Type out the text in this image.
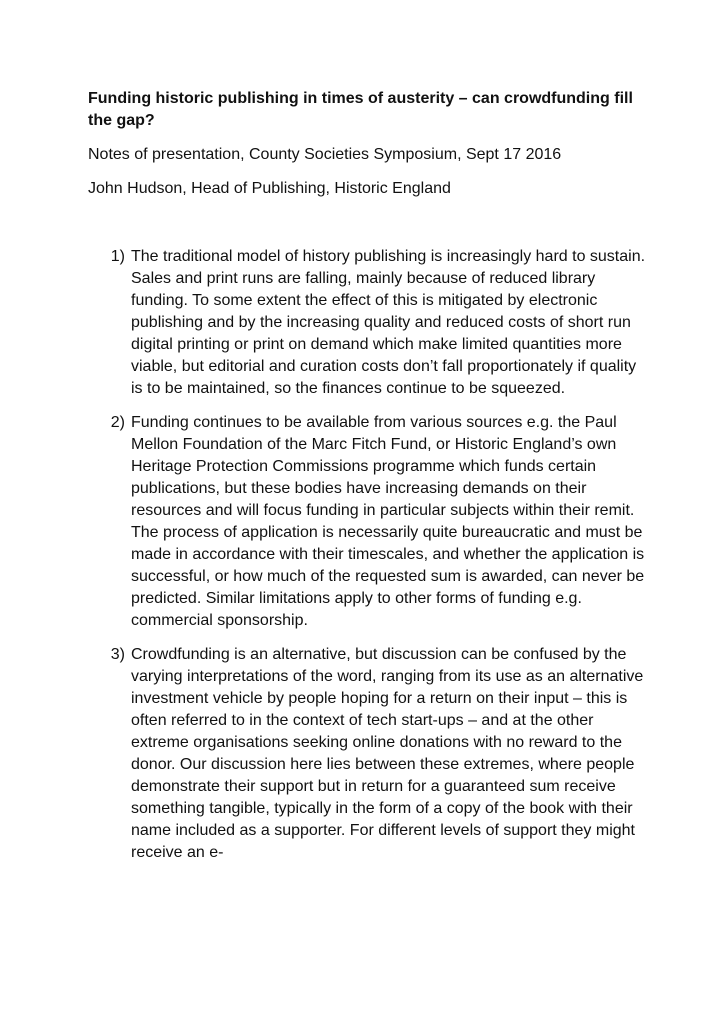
Funding historic publishing in times of austerity – can crowdfunding fill the gap?

Notes of presentation, County Societies Symposium, Sept 17 2016

John Hudson, Head of Publishing, Historic England

1) The traditional model of history publishing is increasingly hard to sustain. Sales and print runs are falling, mainly because of reduced library funding. To some extent the effect of this is mitigated by electronic publishing and by the increasing quality and reduced costs of short run digital printing or print on demand which make limited quantities more viable, but editorial and curation costs don’t fall proportionately if quality is to be maintained, so the finances continue to be squeezed.
2) Funding continues to be available from various sources e.g. the Paul Mellon Foundation of the Marc Fitch Fund, or Historic England’s own Heritage Protection Commissions programme which funds certain publications, but these bodies have increasing demands on their resources and will focus funding in particular subjects within their remit. The process of application is necessarily quite bureaucratic and must be made in accordance with their timescales, and whether the application is successful, or how much of the requested sum is awarded, can never be predicted. Similar limitations apply to other forms of funding e.g. commercial sponsorship.
3) Crowdfunding is an alternative, but discussion can be confused by the varying interpretations of the word, ranging from its use as an alternative investment vehicle by people hoping for a return on their input – this is often referred to in the context of tech start-ups – and at the other extreme organisations seeking online donations with no reward to the donor. Our discussion here lies between these extremes, where people demonstrate their support but in return for a guaranteed sum receive something tangible, typically in the form of a copy of the book with their name included as a supporter. For different levels of support they might receive an e-
